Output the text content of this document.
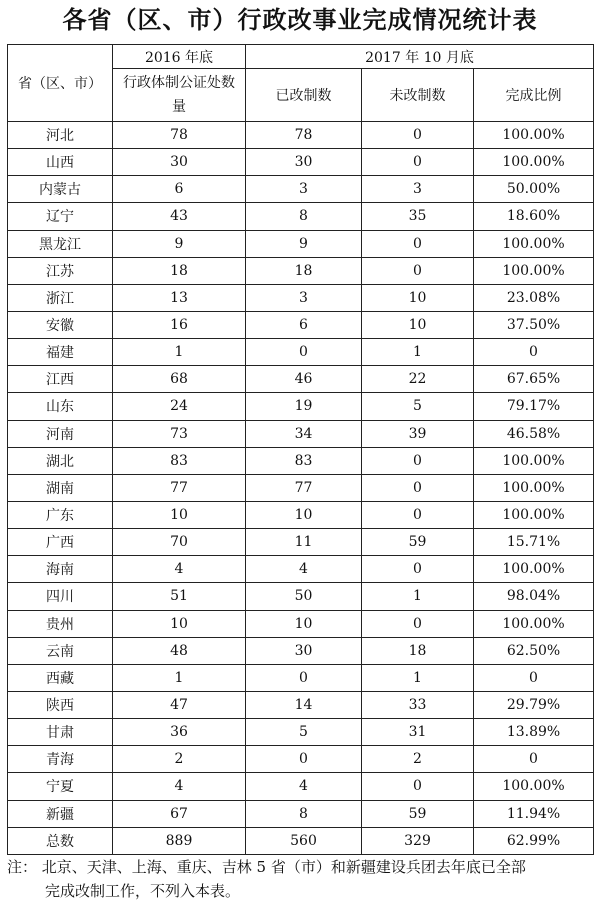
各省（区、市）行政改事业完成情况统计表
省（区、市）	2016 年底	2017 年 10 月底		
	行政体制公证处数量	已改制数	未改制数	完成比例
河北	78	78	0	100.00%
山西	30	30	0	100.00%
内蒙古	6	3	3	50.00%
辽宁	43	8	35	18.60%
黑龙江	9	9	0	100.00%
江苏	18	18	0	100.00%
浙江	13	3	10	23.08%
安徽	16	6	10	37.50%
福建	1	0	1	0
江西	68	46	22	67.65%
山东	24	19	5	79.17%
河南	73	34	39	46.58%
湖北	83	83	0	100.00%
湖南	77	77	0	100.00%
广东	10	10	0	100.00%
广西	70	11	59	15.71%
海南	4	4	0	100.00%
四川	51	50	1	98.04%
贵州	10	10	0	100.00%
云南	48	30	18	62.50%
西藏	1	0	1	0
陕西	47	14	33	29.79%
甘肃	36	5	31	13.89%
青海	2	0	2	0
宁夏	4	4	0	100.00%
新疆	67	8	59	11.94%
总数	889	560	329	62.99%
注： 北京、天津、上海、重庆、吉林 5 省（市）和新疆建设兵团去年底已全部
完成改制工作，不列入本表。
